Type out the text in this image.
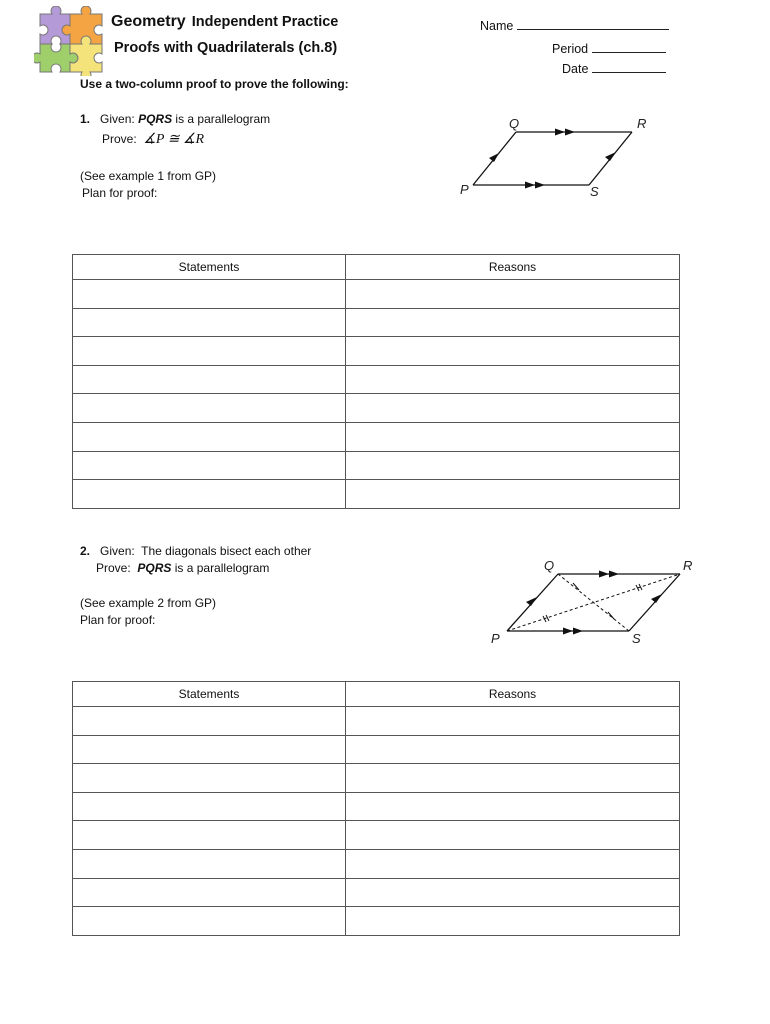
Geometry Independent Practice
Proofs with Quadrilaterals (ch.8)
Name
Period
Date
Use a two-column proof to prove the following:
1. Given: PQRS is a parallelogram
Prove: ∡P ≅ ∡R
(See example 1 from GP)
Plan for proof:
Q	R
P	S
Statements	Reasons

2. Given: The diagonals bisect each other
Prove: PQRS is a parallelogram
(See example 2 from GP)
Plan for proof:
Q	R
P	S
Statements	Reasons
